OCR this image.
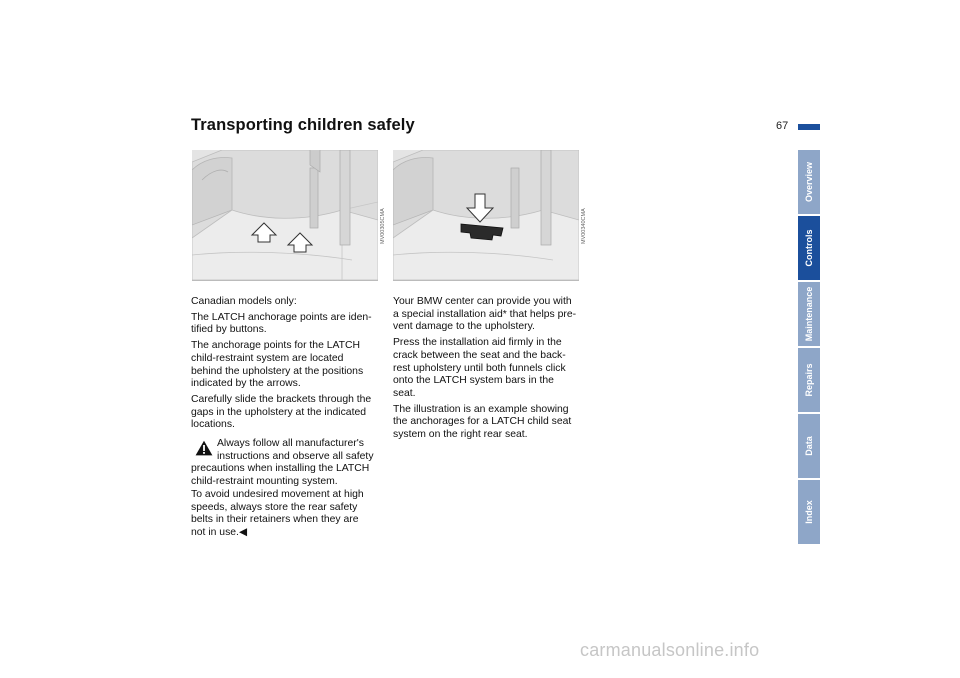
Transporting children safely	67
Overview
Controls
Maintenance
Repairs
Data
Index
MV00305CMA	MV00340CMA

Canadian models only:

The LATCH anchorage points are iden-
tified by buttons.

The anchorage points for the LATCH
child-restraint system are located
behind the upholstery at the positions
indicated by the arrows.

Carefully slide the brackets through the
gaps in the upholstery at the indicated
locations.

Always follow all manufacturer's
instructions and observe all safety
precautions when installing the LATCH
child-restraint mounting system.
To avoid undesired movement at high
speeds, always store the rear safety
belts in their retainers when they are
not in use.◀

Your BMW center can provide you with
a special installation aid* that helps pre-
vent damage to the upholstery.

Press the installation aid firmly in the
crack between the seat and the back-
rest upholstery until both funnels click
onto the LATCH system bars in the
seat.

The illustration is an example showing
the anchorages for a LATCH child seat
system on the right rear seat.

carmanualsonline.info
